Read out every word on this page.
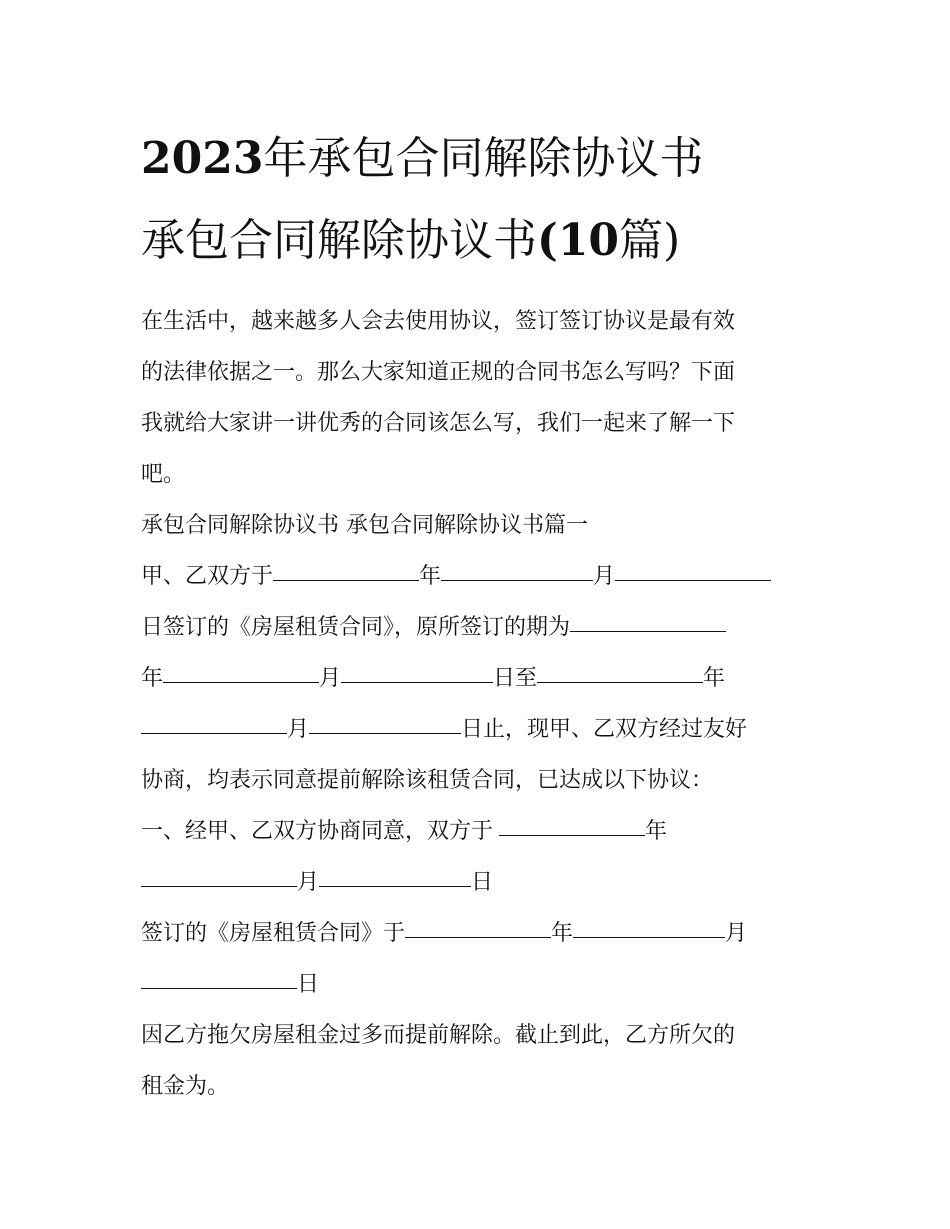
2023年承包合同解除协议书
承包合同解除协议书(10篇)
在生活中，越来越多人会去使用协议，签订签订协议是最有效
的法律依据之一。那么大家知道正规的合同书怎么写吗？下面
我就给大家讲一讲优秀的合同该怎么写，我们一起来了解一下
吧。
承包合同解除协议书 承包合同解除协议书篇一
甲、乙双方于	年	月
日签订的《房屋租赁合同》，原所签订的期为
年	月	日至	年
月	日止，现甲、乙双方经过友好
协商，均表示同意提前解除该租赁合同，已达成以下协议：
一、经甲、乙双方协商同意，双方于	年
月	日
签订的《房屋租赁合同》于	年	月
日
因乙方拖欠房屋租金过多而提前解除。截止到此，乙方所欠的
租金为。
